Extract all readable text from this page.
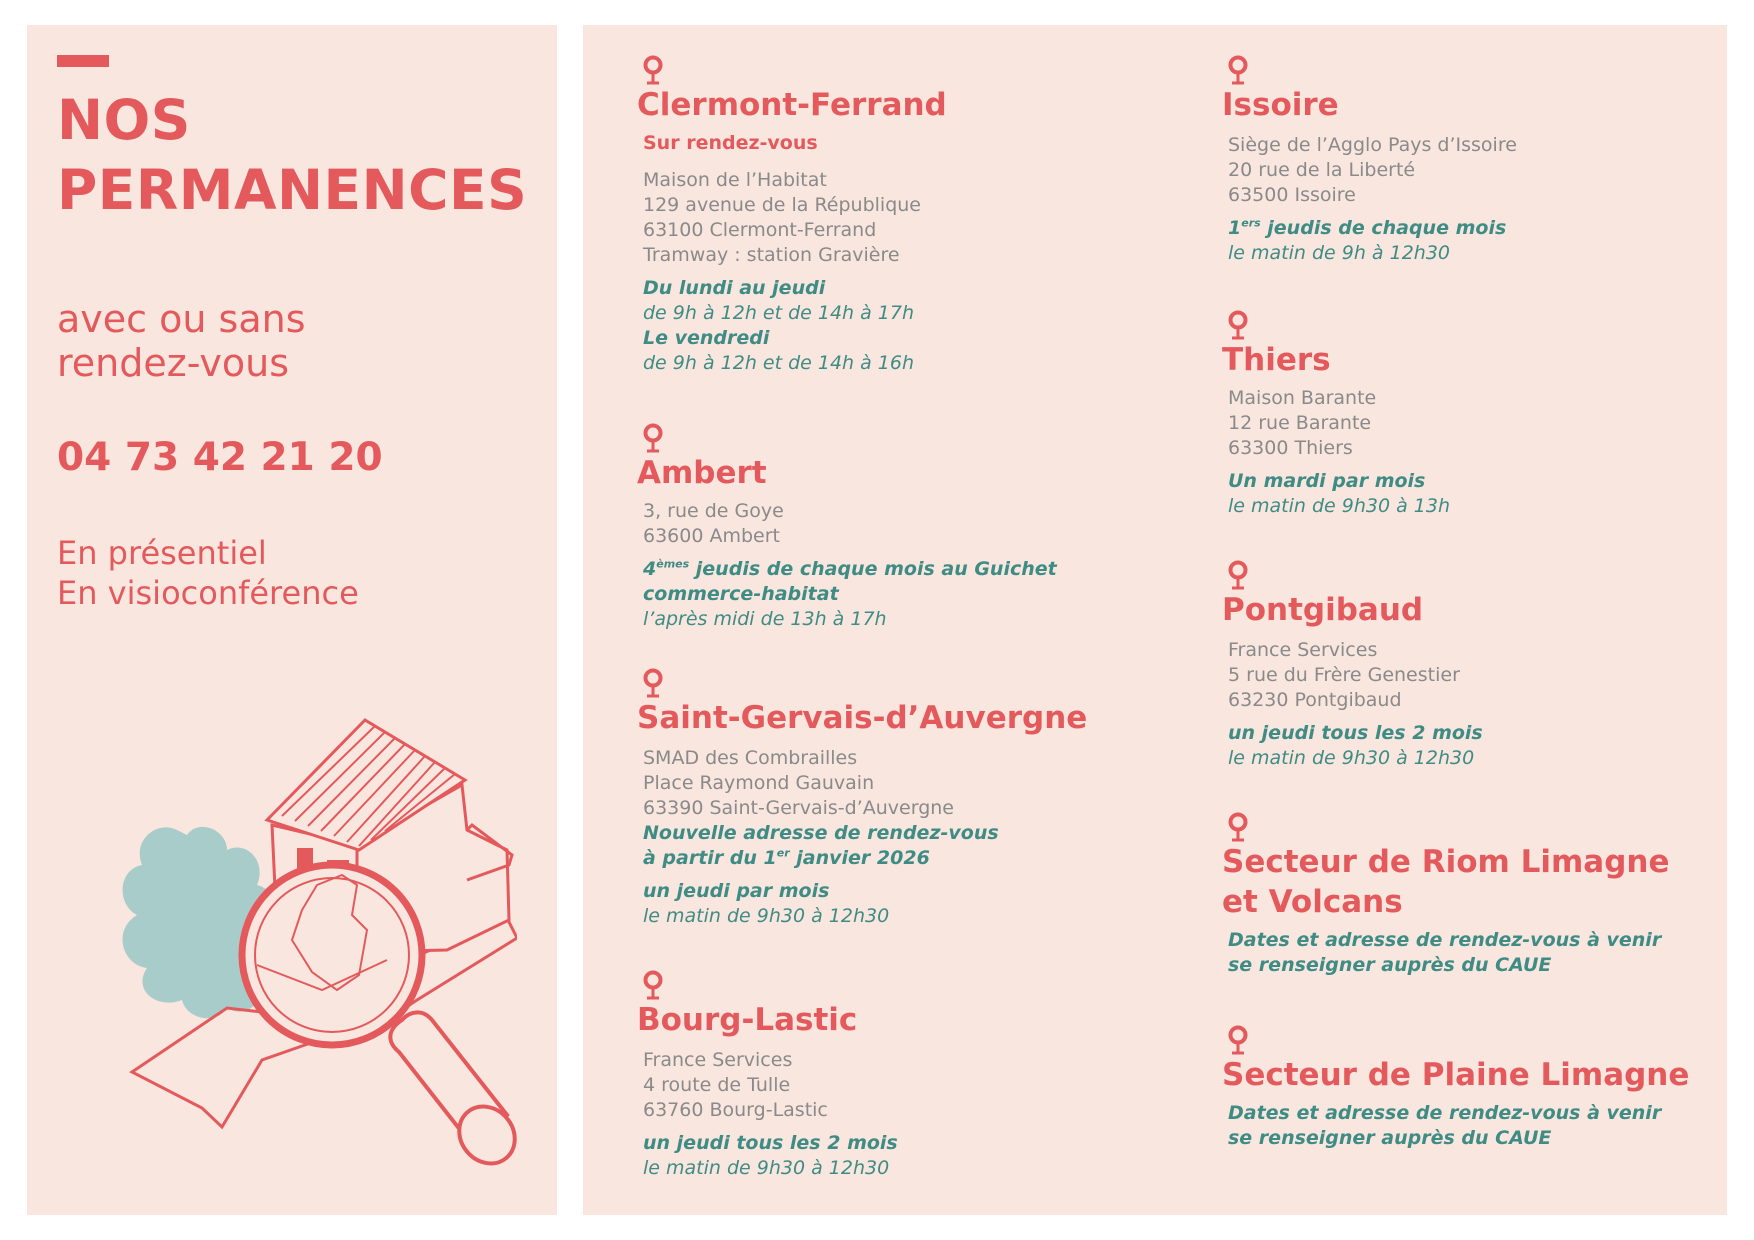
NOS
PERMANENCES
avec ou sans
rendez-vous
04 73 42 21 20
En présentiel
En visioconférence
Clermont-Ferrand
Sur rendez-vous
Maison de l’Habitat
129 avenue de la République
63100 Clermont-Ferrand
Tramway : station Gravière
Du lundi au jeudi
de 9h à 12h et de 14h à 17h
Le vendredi
de 9h à 12h et de 14h à 16h
Ambert
3, rue de Goye
63600 Ambert
4èmes jeudis de chaque mois au Guichet
commerce-habitat
l’après midi de 13h à 17h
Saint-Gervais-d’Auvergne
SMAD des Combrailles
Place Raymond Gauvain
63390 Saint-Gervais-d’Auvergne
Nouvelle adresse de rendez-vous
à partir du 1er janvier 2026
un jeudi par mois
le matin de 9h30 à 12h30
Bourg-Lastic
France Services
4 route de Tulle
63760 Bourg-Lastic
un jeudi tous les 2 mois
le matin de 9h30 à 12h30
Issoire
Siège de l’Agglo Pays d’Issoire
20 rue de la Liberté
63500 Issoire
1ers jeudis de chaque mois
le matin de 9h à 12h30
Thiers
Maison Barante
12 rue Barante
63300 Thiers
Un mardi par mois
le matin de 9h30 à 13h
Pontgibaud
France Services
5 rue du Frère Genestier
63230 Pontgibaud
un jeudi tous les 2 mois
le matin de 9h30 à 12h30
Secteur de Riom Limagne
et Volcans
Dates et adresse de rendez-vous à venir
se renseigner auprès du CAUE
Secteur de Plaine Limagne
Dates et adresse de rendez-vous à venir
se renseigner auprès du CAUE
